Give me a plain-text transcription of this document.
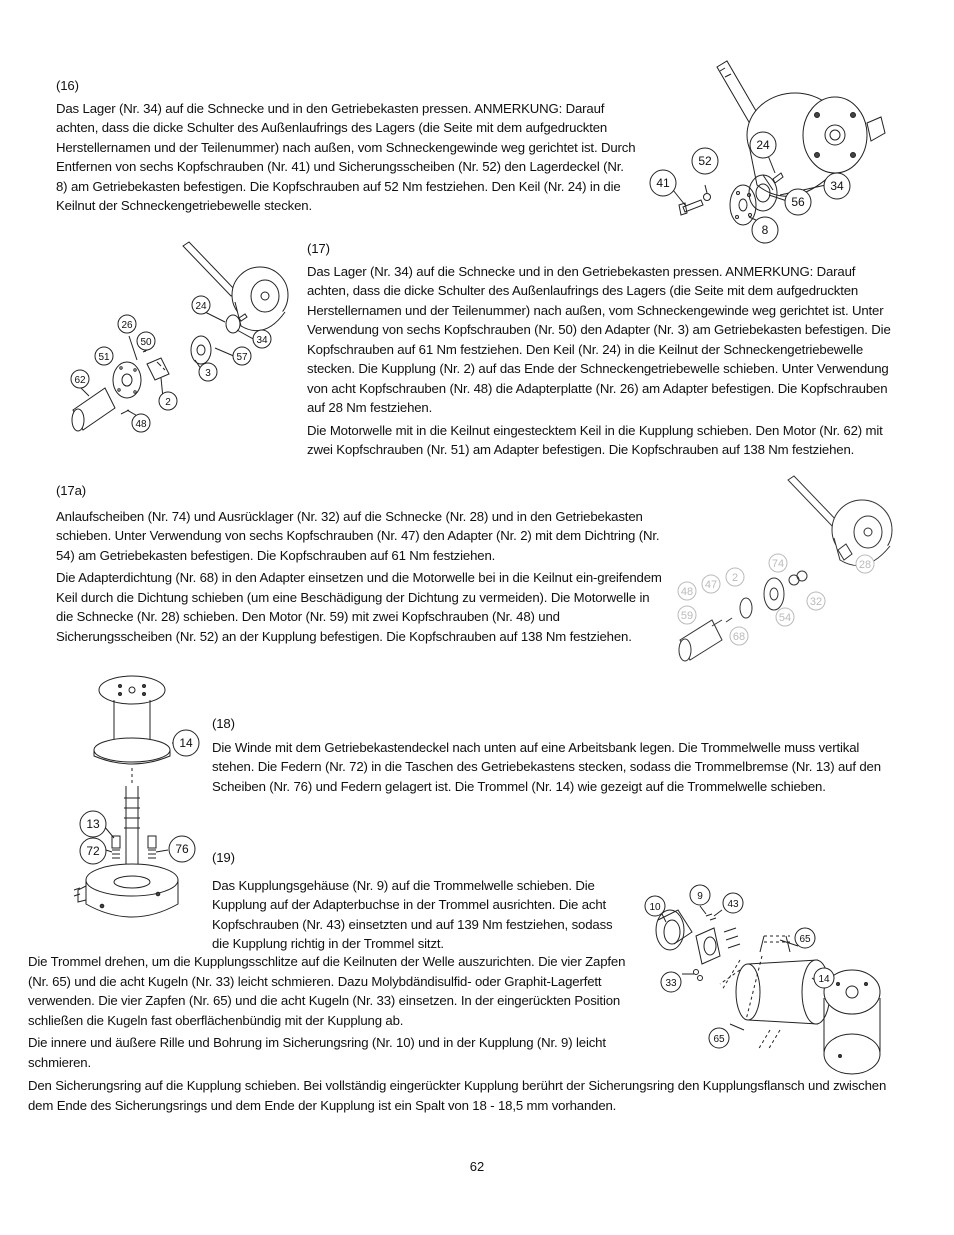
(16)

Das Lager (Nr. 34) auf die Schnecke und in den Getriebekasten pressen. ANMERKUNG: Darauf achten, dass die dicke Schulter des Außenlaufrings des Lagers (die Seite mit dem aufgedruckten Herstellernamen und der Teilenummer) nach außen, vom Schneckengewinde weg gerichtet ist. Durch Entfernen von sechs Kopfschrauben (Nr. 41) und Sicherungsscheiben (Nr. 52) den Lagerdeckel (Nr. 8) am Getriebekasten befestigen. Die Kopfschrauben auf 52 Nm festziehen. Den Keil (Nr. 24) in die Keilnut der Schneckengetriebewelle stecken.

24
52
41	34
56
8
24
26
50	34
51	57
62
3
2
48

(17)

Das Lager (Nr. 34) auf die Schnecke und in den Getriebekasten pressen. ANMERKUNG: Darauf achten, dass die dicke Schulter des Außenlaufrings des Lagers (die Seite mit dem aufgedruckten Herstellernamen und der Teilenummer) nach außen, vom Schneckengewinde weg gerichtet ist. Unter Verwendung von sechs Kopfschrauben (Nr. 50) den Adapter (Nr. 3) am Getriebekasten befestigen. Die Kopfschrauben auf 61 Nm festziehen. Den Keil (Nr. 24) in die Keilnut der Schneckengetriebewelle stecken. Die Kupplung (Nr. 2) auf das Ende der Schneckengetriebewelle schieben. Unter Verwendung von acht Kopfschrauben (Nr. 48) die Adapterplatte (Nr. 26) am Adapter befestigen. Die Kopfschrauben auf 28 Nm festziehen.

Die Motorwelle mit in die Keilnut eingestecktem Keil in die Kupplung schieben. Den Motor (Nr. 62) mit zwei Kopfschrauben (Nr. 51) am Adapter befestigen. Die Kopfschrauben auf 138 Nm festziehen.

(17a)

Anlaufscheiben (Nr. 74) und Ausrücklager (Nr. 32) auf die Schnecke (Nr. 28) und in den Getriebekasten schieben. Unter Verwendung von sechs Kopfschrauben (Nr. 47) den Adapter (Nr. 2) mit dem Dichtring (Nr. 54) am Getriebekasten befestigen. Die Kopfschrauben auf 61 Nm festziehen.

Die Adapterdichtung (Nr. 68) in den Adapter einsetzen und die Motorwelle bei in die Keilnut ein-greifendem Keil durch die Dichtung schieben (um eine Beschädigung der Dichtung zu vermeiden). Die Motorwelle in die Schnecke (Nr. 28) schieben. Den Motor (Nr. 59) mit zwei Kopfschrauben (Nr. 48) und Sicherungsscheiben (Nr. 52) an der Kupplung befestigen. Die Kopfschrauben auf 138 Nm festziehen.

74	28
48
47
2
59
32
54
68
14
13
72	76

(18)

Die Winde mit dem Getriebekastendeckel nach unten auf eine Arbeitsbank legen. Die Trommelwelle muss vertikal stehen. Die Federn (Nr. 72) in die Taschen des Getriebekastens stecken, sodass die Trommelbremse (Nr. 13) auf den Scheiben (Nr. 76) und Federn gelagert ist. Die Trommel (Nr. 14) wie gezeigt auf die Trommelwelle schieben.

(19)

Das Kupplungsgehäuse (Nr. 9) auf die Trommelwelle schieben. Die Kupplung auf der Adapterbuchse in der Trommel ausrichten. Die acht Kopfschrauben (Nr. 43) einsetzten und auf 139 Nm festziehen, sodass die Kupplung richtig in der Trommel sitzt.

Die Trommel drehen, um die Kupplungsschlitze auf die Keilnuten der Welle auszurichten. Die vier Zapfen (Nr. 65) und die acht Kugeln (Nr. 33) leicht schmieren. Dazu Molybdändisulfid- oder Graphit-Lagerfett verwenden. Die vier Zapfen (Nr. 65) und die acht Kugeln (Nr. 33) einsetzen. In der eingerückten Position schließen die Kugeln fast oberflächenbündig mit der Kupplung ab.

Die innere und äußere Rille und Bohrung im Sicherungsring (Nr. 10) und in der Kupplung (Nr. 9) leicht schmieren.

Den Sicherungsring auf die Kupplung schieben. Bei vollständig eingerückter Kupplung berührt der Sicherungsring den Kupplungsflansch und zwischen dem Ende des Sicherungsrings und dem Ende der Kupplung ist ein Spalt von 18 - 18,5 mm vorhanden.

10
9
43
65
14
33
65
62
